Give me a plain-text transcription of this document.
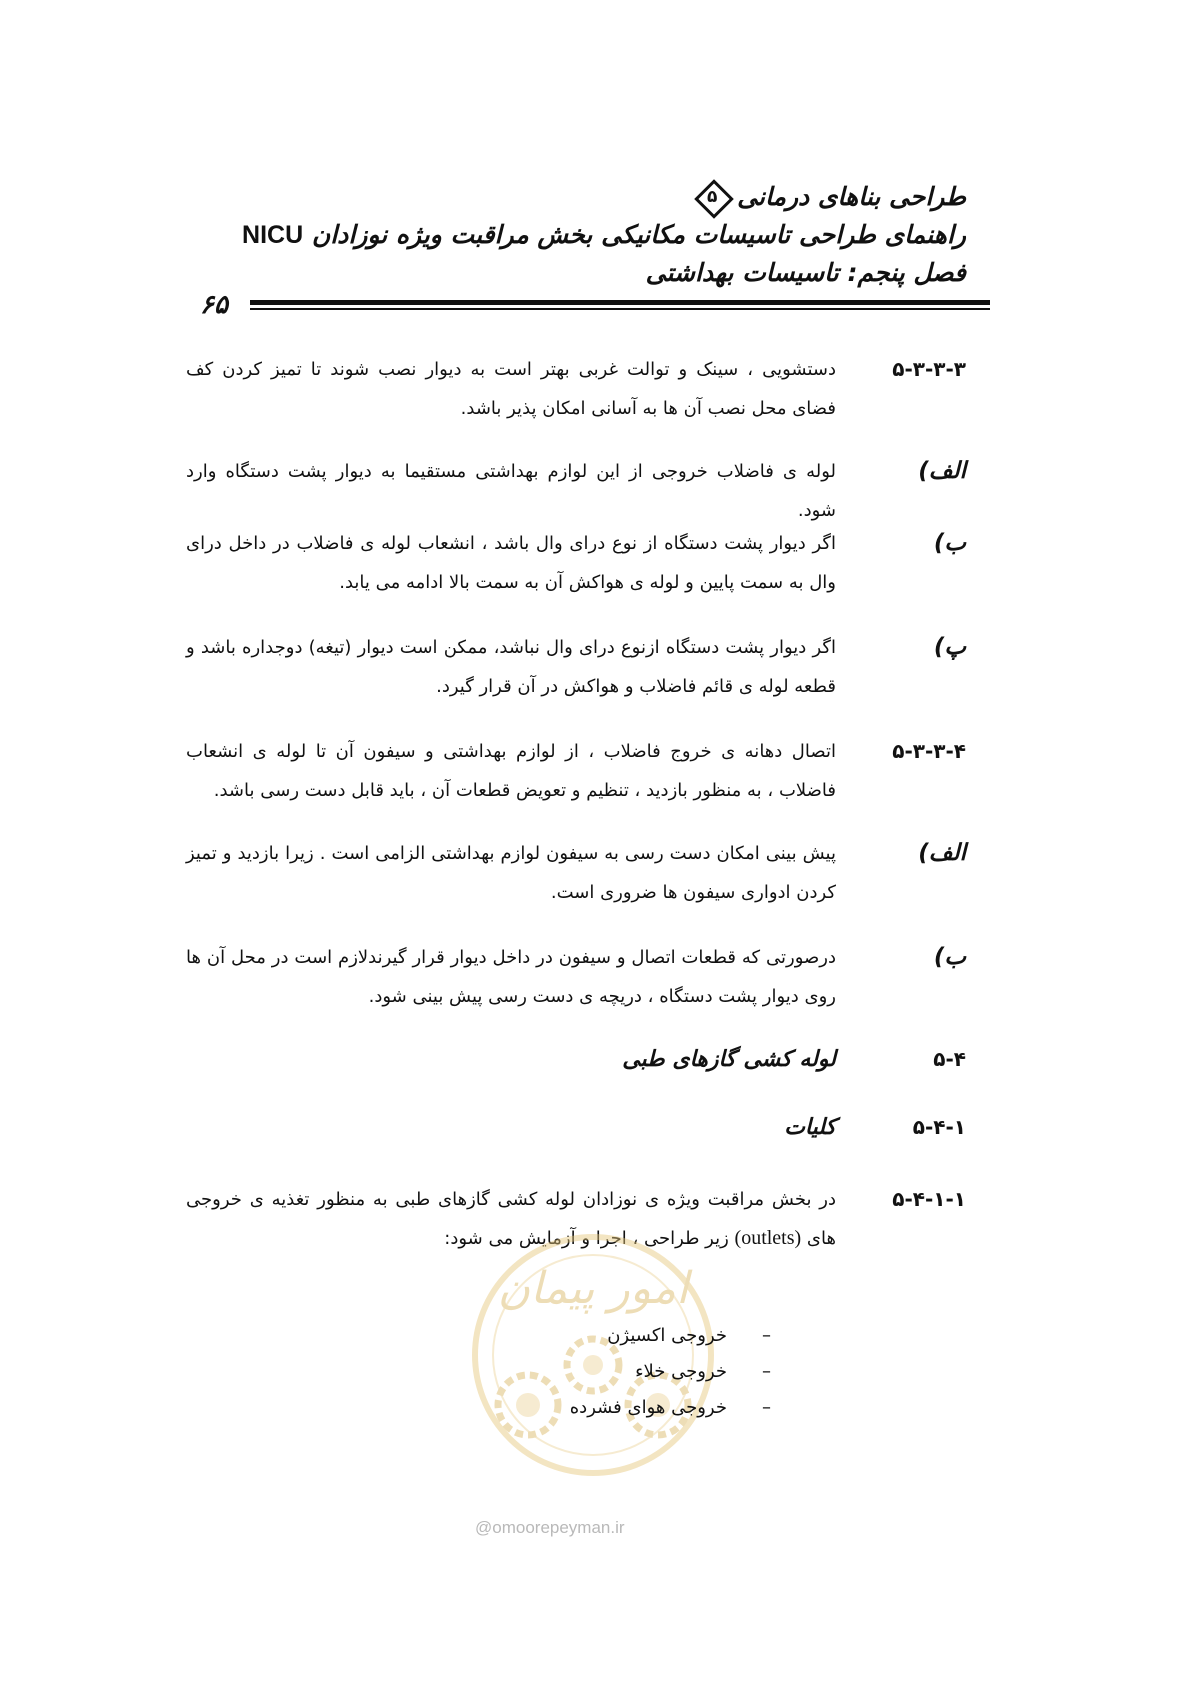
طراحی بناهای درمانی
۵
راهنمای طراحی تاسیسات مکانیکی بخش مراقبت ویژه نوزادان NICU
فصل پنجم: تاسیسات بهداشتی
۶۵
۵-۳-۳-۳
دستشویی ، سینک و توالت غربی بهتر است به دیوار نصب شوند تا تمیز کردن کف فضای محل نصب آن ها به آسانی امکان پذیر باشد.
الف)
لوله ی فاضلاب خروجی از این لوازم بهداشتی مستقیما به دیوار پشت دستگاه وارد شود.
ب)
اگر دیوار پشت دستگاه از نوع درای وال باشد ، انشعاب لوله ی فاضلاب در داخل درای وال به سمت پایین و لوله ی هواکش آن به سمت بالا ادامه می یابد.
پ)
اگر دیوار پشت دستگاه ازنوع درای وال نباشد، ممکن است دیوار (تیغه) دوجداره باشد و قطعه لوله ی قائم فاضلاب و هواکش در آن قرار گیرد.
۵-۳-۳-۴
اتصال دهانه ی خروج فاضلاب ، از لوازم بهداشتی و سیفون آن تا لوله ی انشعاب فاضلاب ، به منظور بازدید ، تنظیم و تعویض قطعات آن ، باید قابل دست رسی باشد.
الف)
پیش بینی امکان دست رسی به سیفون لوازم بهداشتی الزامی است . زیرا بازدید و تمیز کردن ادواری سیفون ها ضروری است.
ب)
درصورتی که قطعات اتصال و سیفون در داخل دیوار قرار گیرندلازم است در محل آن ها روی دیوار پشت دستگاه ، دریچه ی دست رسی پیش بینی شود.
۵-۴
لوله کشی گازهای طبی
۵-۴-۱
کلیات
۵-۴-۱-۱
در بخش مراقبت ویژه ی نوزادان لوله کشی گازهای طبی به منظور تغذیه ی خروجی های (outlets) زیر طراحی ، اجرا و آزمایش می شود:
امور پیمان
@omoorepeyman.ir
–
خروجی اکسیژن
–
خروجی خلاء
–
خروجی هوای فشرده
